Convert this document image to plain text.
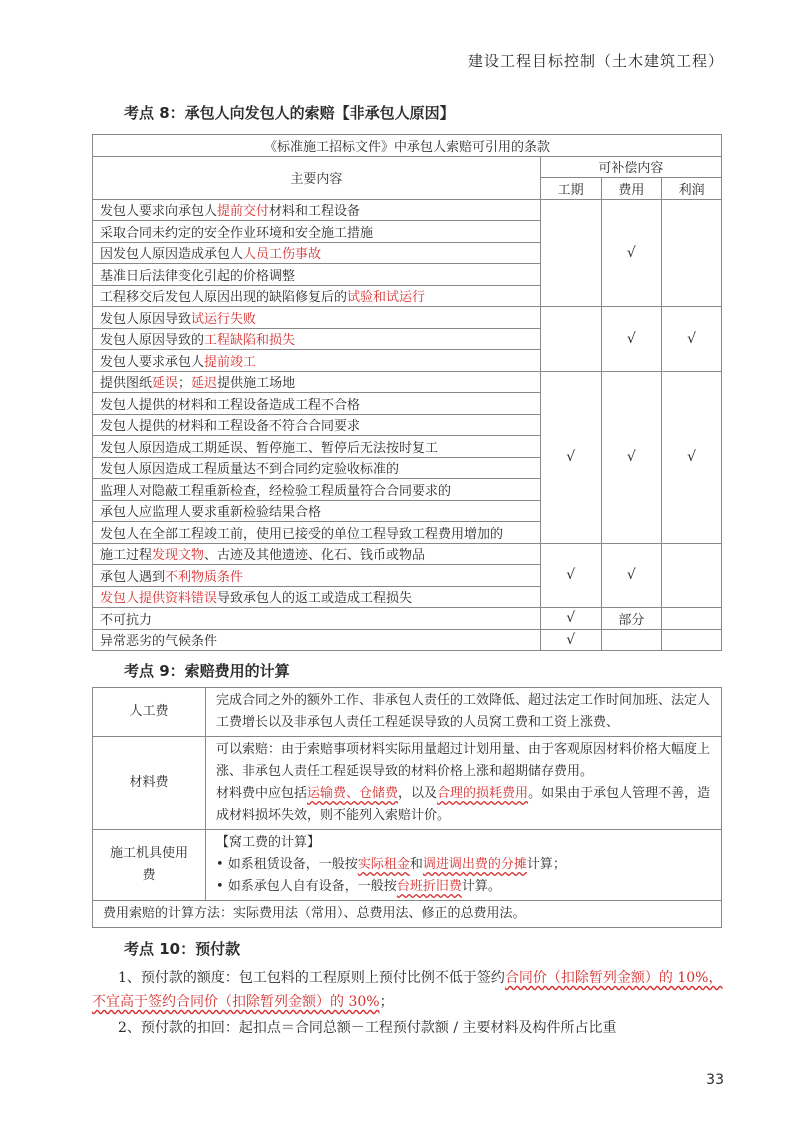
建设工程目标控制（土木建筑工程）
考点 8：承包人向发包人的索赔【非承包人原因】
《标准施工招标文件》中承包人索赔可引用的条款			
主要内容	可补偿内容		
	工期	费用	利润
发包人要求向承包人提前交付材料和工程设备		√	
采取合同未约定的安全作业环境和安全施工措施			
因发包人原因造成承包人人员工伤事故			
基准日后法律变化引起的价格调整			
工程移交后发包人原因出现的缺陷修复后的试验和试运行			
发包人原因导致试运行失败		√	√
发包人原因导致的工程缺陷和损失			
发包人要求承包人提前竣工			
提供图纸延误；延迟提供施工场地	√	√	√
发包人提供的材料和工程设备造成工程不合格			
发包人提供的材料和工程设备不符合合同要求			
发包人原因造成工期延误、暂停施工、暂停后无法按时复工			
发包人原因造成工程质量达不到合同约定验收标准的			
监理人对隐蔽工程重新检查，经检验工程质量符合合同要求的			
承包人应监理人要求重新检验结果合格			
发包人在全部工程竣工前，使用已接受的单位工程导致工程费用增加的			
施工过程发现文物、古迹及其他遗迹、化石、钱币或物品	√	√	
承包人遇到不利物质条件			
发包人提供资料错误导致承包人的返工或造成工程损失			
不可抗力	√	部分	
异常恶劣的气候条件	√		
考点 9：索赔费用的计算
人工费	完成合同之外的额外工作、非承包人责任的工效降低、超过法定工作时间加班、法定人工费增长以及非承包人责任工程延误导致的人员窝工费和工资上涨费、
材料费	可以索赔：由于索赔事项材料实际用量超过计划用量、由于客观原因材料价格大幅度上涨、非承包人责任工程延误导致的材料价格上涨和超期储存费用。
材料费中应包括运输费、仓储费，以及合理的损耗费用。如果由于承包人管理不善，造成材料损坏失效，则不能列入索赔计价。

施工机具使用费	【窝工费的计算】
• 如系租赁设备，一般按实际租金和调进调出费的分摊计算；
• 如系承包人自有设备，一般按台班折旧费计算。

费用索赔的计算方法：实际费用法（常用）、总费用法、修正的总费用法。	
考点 10：预付款
1、预付款的额度：包工包料的工程原则上预付比例不低于签约合同价（扣除暂列金额）的 10%，不宜高于签约合同价（扣除暂列金额）的 30%；
2、预付款的扣回：起扣点＝合同总额－工程预付款额 / 主要材料及构件所占比重
33
